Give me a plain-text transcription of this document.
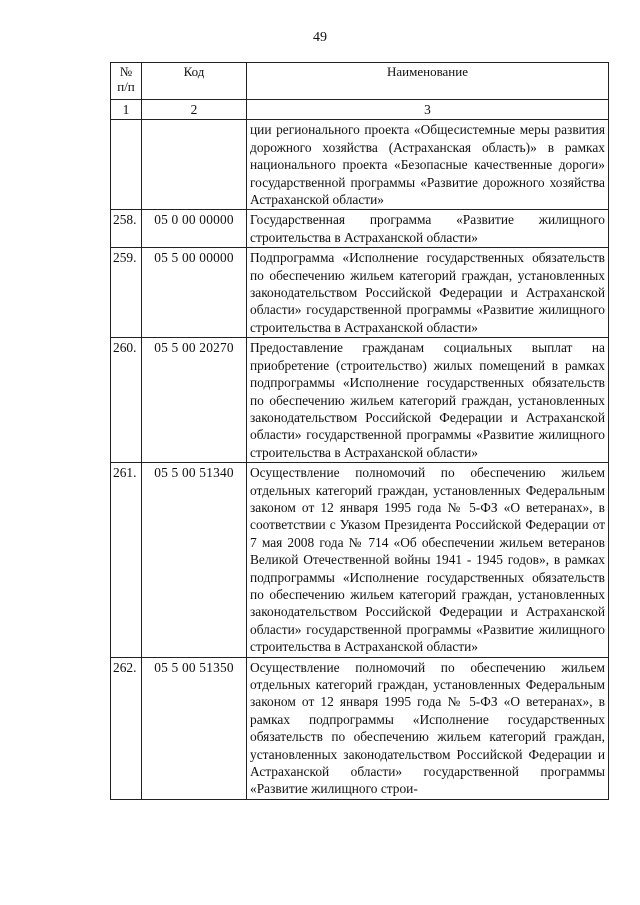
49
№ п/п	Код	Наименование
1	2	3
		ции регионального проекта «Общесистемные меры развития дорожного хозяйства (Астраханская область)» в рамках национального проекта «Безопасные качественные дороги» государственной программы «Развитие дорожного хозяйства Астраханской области»
258.	05 0 00 00000	Государственная программа «Развитие жилищного строительства в Астраханской области»
259.	05 5 00 00000	Подпрограмма «Исполнение государственных обязательств по обеспечению жильем категорий граждан, установленных законодательством Российской Федерации и Астраханской области» государственной программы «Развитие жилищного строительства в Астраханской области»
260.	05 5 00 20270	Предоставление гражданам социальных выплат на приобретение (строительство) жилых помещений в рамках подпрограммы «Исполнение государственных обязательств по обеспечению жильем категорий граждан, установленных законодательством Российской Федерации и Астраханской области» государственной программы «Развитие жилищного строительства в Астраханской области»
261.	05 5 00 51340	Осуществление полномочий по обеспечению жильем отдельных категорий граждан, установленных Федеральным законом от 12 января 1995 года № 5-ФЗ «О ветеранах», в соответствии с Указом Президента Российской Федерации от 7 мая 2008 года № 714 «Об обеспечении жильем ветеранов Великой Отечественной войны 1941 - 1945 годов», в рамках подпрограммы «Исполнение государственных обязательств по обеспечению жильем категорий граждан, установленных законодательством Российской Федерации и Астраханской области» государственной программы «Развитие жилищного строительства в Астраханской области»
262.	05 5 00 51350	Осуществление полномочий по обеспечению жильем отдельных категорий граждан, установленных Федеральным законом от 12 января 1995 года № 5-ФЗ «О ветеранах», в рамках подпрограммы «Исполнение государственных обязательств по обеспечению жильем категорий граждан, установленных законодательством Российской Федерации и Астраханской области» государственной программы «Развитие жилищного строи-
